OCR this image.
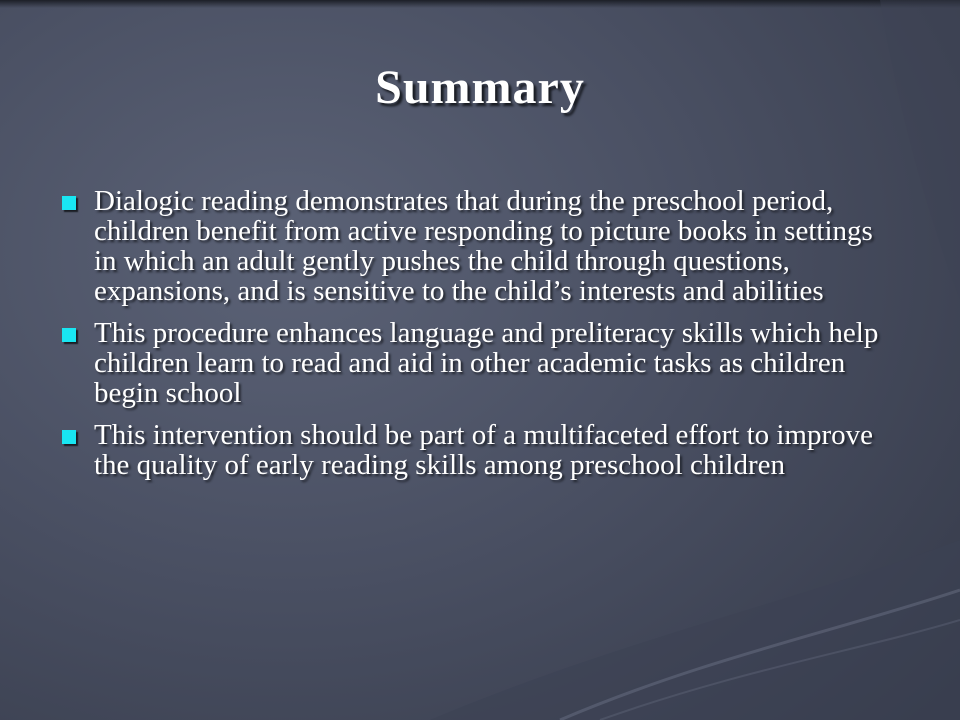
Summary
Dialogic reading demonstrates that during the preschool period, children benefit from active responding to picture books in settings in which an adult gently pushes the child through questions, expansions, and is sensitive to the child’s interests and abilities
This procedure enhances language and preliteracy skills which help children learn to read and aid in other academic tasks as children begin school
This intervention should be part of a multifaceted effort to improve the quality of early reading skills among preschool children
